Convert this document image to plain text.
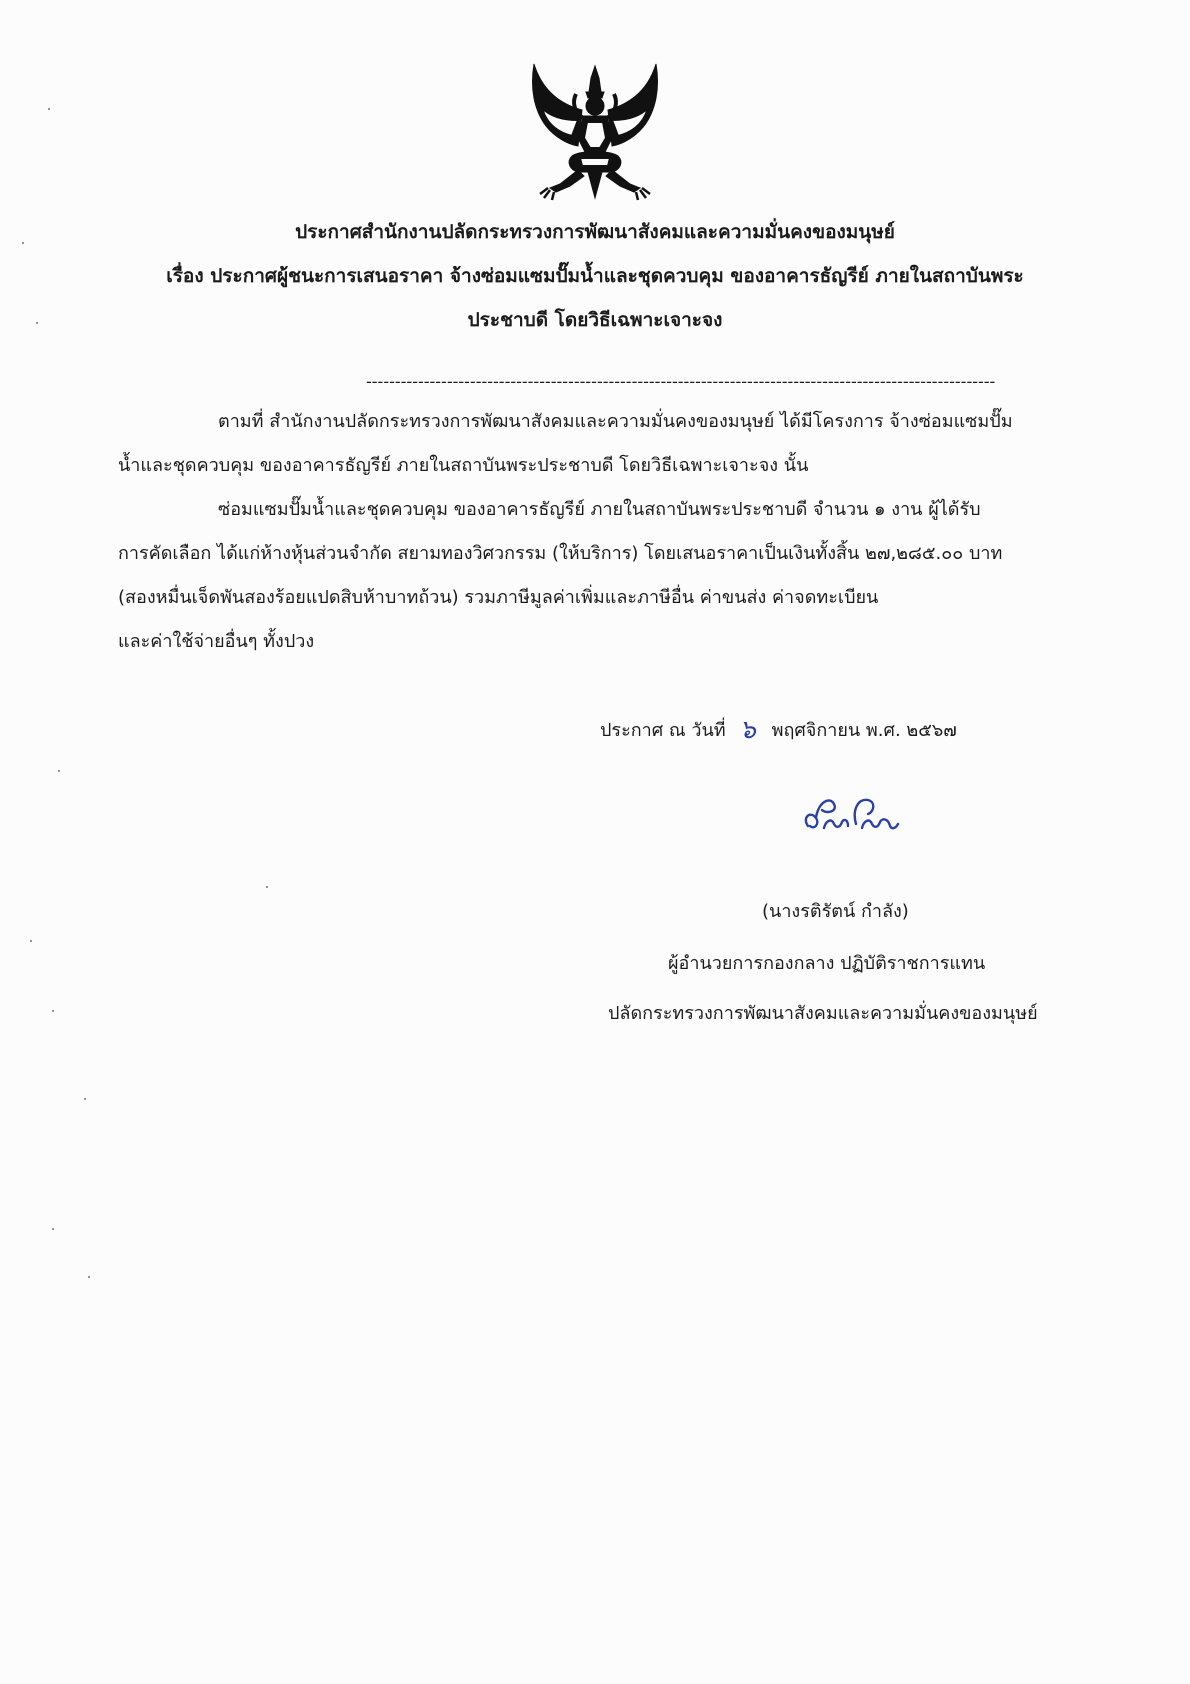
ประกาศสำนักงานปลัดกระทรวงการพัฒนาสังคมและความมั่นคงของมนุษย์
เรื่อง ประกาศผู้ชนะการเสนอราคา จ้างซ่อมแซมปั๊มน้ำและชุดควบคุม ของอาคารธัญรีย์ ภายในสถาบันพระ
ประชาบดี โดยวิธีเฉพาะเจาะจง
-------------------------------------------------------------------------------------------------------------
ตามที่ สำนักงานปลัดกระทรวงการพัฒนาสังคมและความมั่นคงของมนุษย์ ได้มีโครงการ จ้างซ่อมแซมปั๊ม
น้ำและชุดควบคุม ของอาคารธัญรีย์ ภายในสถาบันพระประชาบดี โดยวิธีเฉพาะเจาะจง นั้น
ซ่อมแซมปั๊มน้ำและชุดควบคุม ของอาคารธัญรีย์ ภายในสถาบันพระประชาบดี จำนวน ๑ งาน ผู้ได้รับ
การคัดเลือก ได้แก่ห้างหุ้นส่วนจำกัด สยามทองวิศวกรรม (ให้บริการ) โดยเสนอราคาเป็นเงินทั้งสิ้น ๒๗,๒๘๕.๐๐ บาท
(สองหมื่นเจ็ดพันสองร้อยแปดสิบห้าบาทถ้วน) รวมภาษีมูลค่าเพิ่มและภาษีอื่น ค่าขนส่ง ค่าจดทะเบียน
และค่าใช้จ่ายอื่นๆ ทั้งปวง
ประกาศ ณ วันที่ ๖ พฤศจิกายน พ.ศ. ๒๕๖๗
(นางรติรัตน์ กำลัง)
ผู้อำนวยการกองกลาง ปฏิบัติราชการแทน
ปลัดกระทรวงการพัฒนาสังคมและความมั่นคงของมนุษย์
